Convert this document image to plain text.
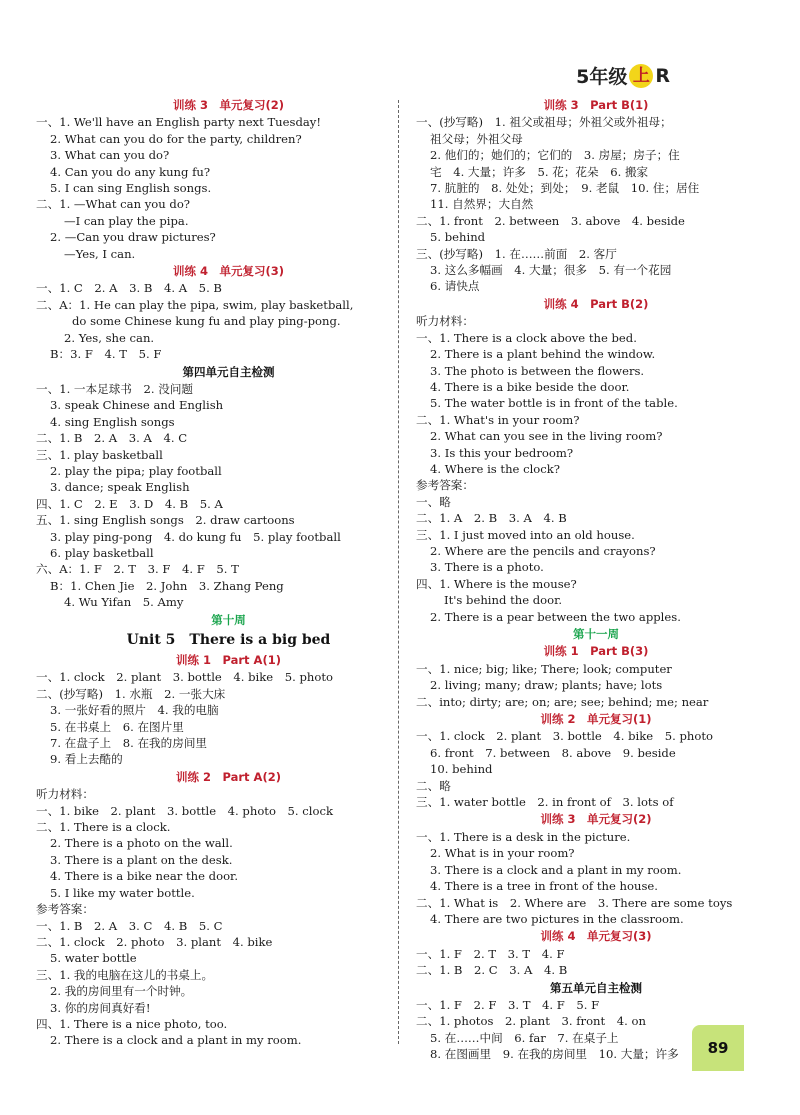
5年级 上 R
训练 3　单元复习(2)
一、1. We'll have an English party next Tuesday!
2. What can you do for the party, children?
3. What can you do?
4. Can you do any kung fu?
5. I can sing English songs.
二、1. —What can you do?
—I can play the pipa.
2. —Can you draw pictures?
—Yes, I can.
训练 4　单元复习(3)
一、1. C　2. A　3. B　4. A　5. B
二、A：1. He can play the pipa, swim, play basketball,
do some Chinese kung fu and play ping-pong.
2. Yes, she can.
B：3. F　4. T　5. F
第四单元自主检测
一、1. 一本足球书　2. 没问题
3. speak Chinese and English
4. sing English songs
二、1. B　2. A　3. A　4. C
三、1. play basketball
2. play the pipa; play football
3. dance; speak English
四、1. C　2. E　3. D　4. B　5. A
五、1. sing English songs　2. draw cartoons
3. play ping-pong　4. do kung fu　5. play football
6. play basketball
六、A：1. F　2. T　3. F　4. F　5. T
B：1. Chen Jie　2. John　3. Zhang Peng
4. Wu Yifan　5. Amy
第十周
Unit 5　There is a big bed
训练 1　Part A(1)
一、1. clock　2. plant　3. bottle　4. bike　5. photo
二、(抄写略)　1. 水瓶　2. 一张大床
3. 一张好看的照片　4. 我的电脑
5. 在书桌上　6. 在图片里
7. 在盘子上　8. 在我的房间里
9. 看上去酷的
训练 2　Part A(2)
听力材料：
一、1. bike　2. plant　3. bottle　4. photo　5. clock
二、1. There is a clock.
2. There is a photo on the wall.
3. There is a plant on the desk.
4. There is a bike near the door.
5. I like my water bottle.
参考答案：
一、1. B　2. A　3. C　4. B　5. C
二、1. clock　2. photo　3. plant　4. bike
5. water bottle
三、1. 我的电脑在这儿的书桌上。
2. 我的房间里有一个时钟。
3. 你的房间真好看!
四、1. There is a nice photo, too.
2. There is a clock and a plant in my room.
训练 3　Part B(1)
一、(抄写略)　1. 祖父或祖母；外祖父或外祖母；
祖父母；外祖父母
2. 他们的；她们的；它们的　3. 房屋；房子；住
宅　4. 大量；许多　5. 花；花朵　6. 搬家
7. 肮脏的　8. 处处；到处；　9. 老鼠　10. 住；居住
11. 自然界；大自然
二、1. front　2. between　3. above　4. beside
5. behind
三、(抄写略)　1. 在……前面　2. 客厅
3. 这么多幅画　4. 大量；很多　5. 有一个花园
6. 请快点
训练 4　Part B(2)
听力材料：
一、1. There is a clock above the bed.
2. There is a plant behind the window.
3. The photo is between the flowers.
4. There is a bike beside the door.
5. The water bottle is in front of the table.
二、1. What's in your room?
2. What can you see in the living room?
3. Is this your bedroom?
4. Where is the clock?
参考答案：
一、略
二、1. A　2. B　3. A　4. B
三、1. I just moved into an old house.
2. Where are the pencils and crayons?
3. There is a photo.
四、1. Where is the mouse?
It's behind the door.
2. There is a pear between the two apples.
第十一周
训练 1　Part B(3)
一、1. nice; big; like; There; look; computer
2. living; many; draw; plants; have; lots
二、into; dirty; are; on; are; see; behind; me; near
训练 2　单元复习(1)
一、1. clock　2. plant　3. bottle　4. bike　5. photo
6. front　7. between　8. above　9. beside
10. behind
二、略
三、1. water bottle　2. in front of　3. lots of
训练 3　单元复习(2)
一、1. There is a desk in the picture.
2. What is in your room?
3. There is a clock and a plant in my room.
4. There is a tree in front of the house.
二、1. What is　2. Where are　3. There are some toys
4. There are two pictures in the classroom.
训练 4　单元复习(3)
一、1. F　2. T　3. T　4. F
二、1. B　2. C　3. A　4. B
第五单元自主检测
一、1. F　2. F　3. T　4. F　5. F
二、1. photos　2. plant　3. front　4. on
5. 在……中间　6. far　7. 在桌子上
8. 在图画里　9. 在我的房间里　10. 大量；许多	89
